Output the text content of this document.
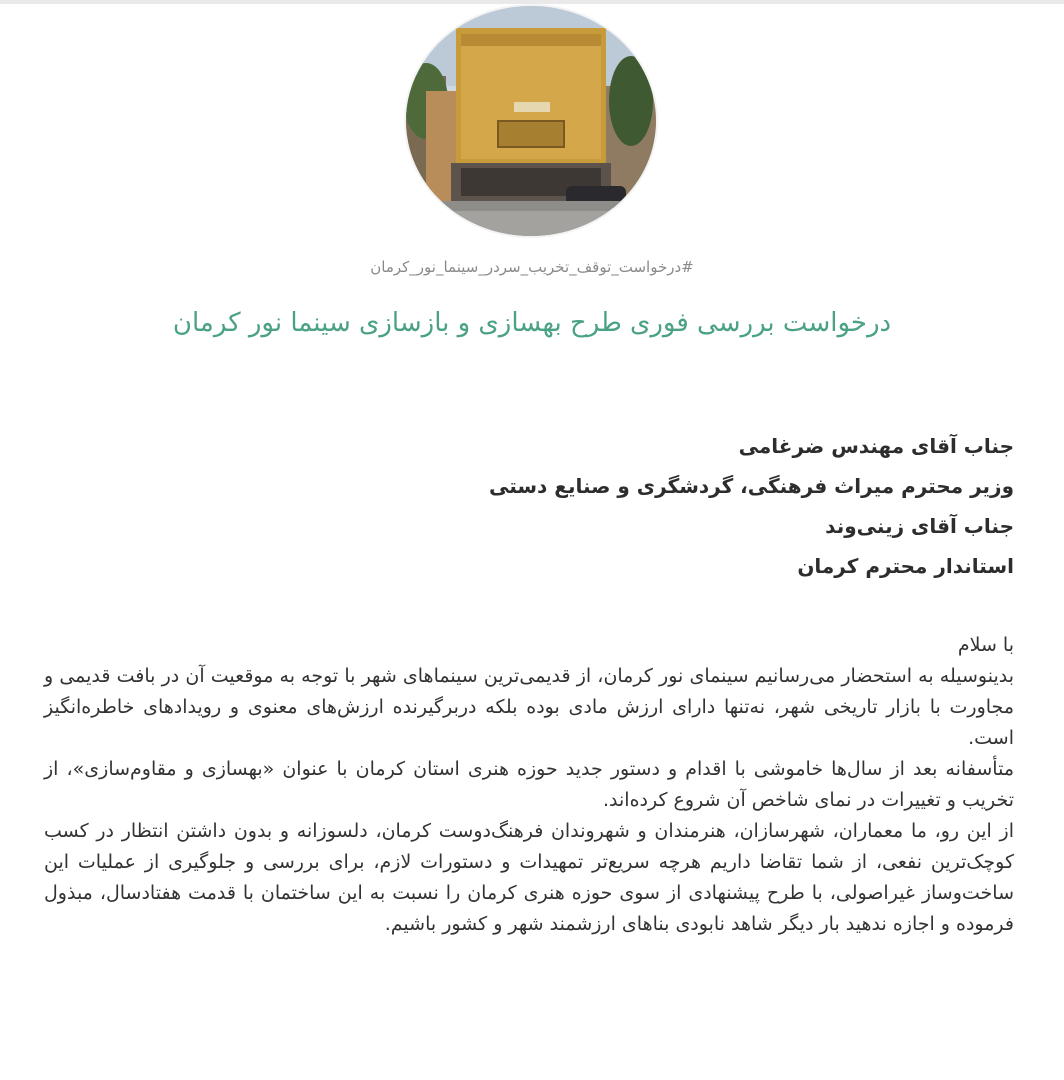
#درخواست_توقف_تخریب_سردر_سینما_نور_کرمان
درخواست بررسی فوری طرح بهسازی و بازسازی سینما نور کرمان
جناب آقای مهندس ضرغامی
وزیر محترم میراث فرهنگی، گردشگری و صنایع دستی
جناب آقای زینی‌وند
استاندار محترم کرمان

با سلام

بدینوسیله به استحضار می‌رسانیم سینمای نور کرمان، از قدیمی‌ترین سینماهای شهر با توجه به موقعیت آن در بافت قدیمی و مجاورت با بازار تاریخی شهر، نه‌تنها دارای ارزش مادی بوده بلکه دربرگیرنده ارزش‌های معنوی و رویدادهای خاطره‌انگیز است.

متأسفانه بعد از سال‌ها خاموشی با اقدام و دستور جدید حوزه هنری استان کرمان با عنوان «بهسازی و مقاوم‌سازی»، از تخریب و تغییرات در نمای شاخص آن شروع کرده‌اند.

از این رو، ما معماران، شهرسازان، هنرمندان و شهروندان فرهنگ‌دوست کرمان، دلسوزانه و بدون داشتن انتظار در کسب کوچک‌ترین نفعی، از شما تقاضا داریم هرچه سریع‌تر تمهیدات و دستورات لازم، برای بررسی و جلوگیری از عملیات این ساخت‌وساز غیراصولی، با طرح پیشنهادی از سوی حوزه هنری کرمان را نسبت به این ساختمان با قدمت هفتادسال، مبذول فرموده و اجازه ندهید بار دیگر شاهد نابودی بناهای ارزشمند شهر و کشور باشیم.
